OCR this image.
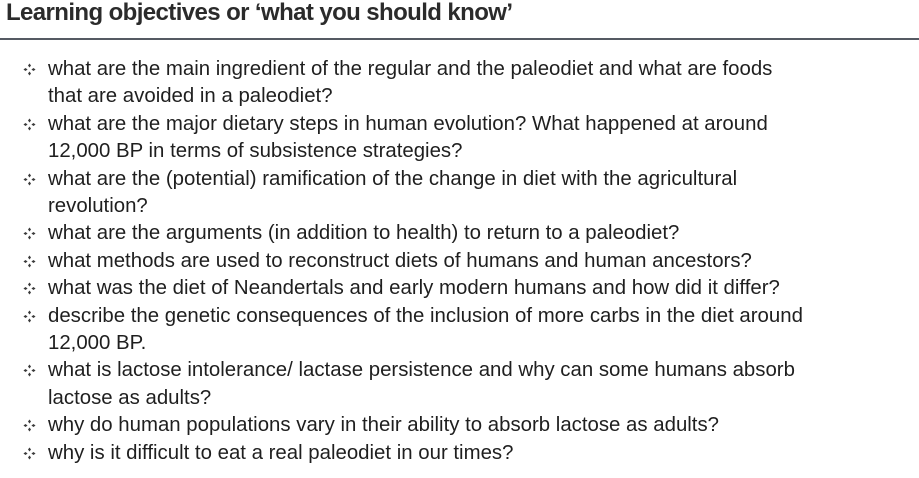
Learning objectives or ‘what you should know’
what are the main ingredient of the regular and the paleodiet and what are foods
that are avoided in a paleodiet?
what are the major dietary steps in human evolution? What happened at around
12,000 BP in terms of subsistence strategies?
what are the (potential) ramification of the change in diet with the agricultural
revolution?
what are the arguments (in addition to health) to return to a paleodiet?
what methods are used to reconstruct diets of humans and human ancestors?
what was the diet of Neandertals and early modern humans and how did it differ?
describe the genetic consequences of the inclusion of more carbs in the diet around
12,000 BP.
what is lactose intolerance/ lactase persistence and why can some humans absorb
lactose as adults?
why do human populations vary in their ability to absorb lactose as adults?
why is it difficult to eat a real paleodiet in our times?
